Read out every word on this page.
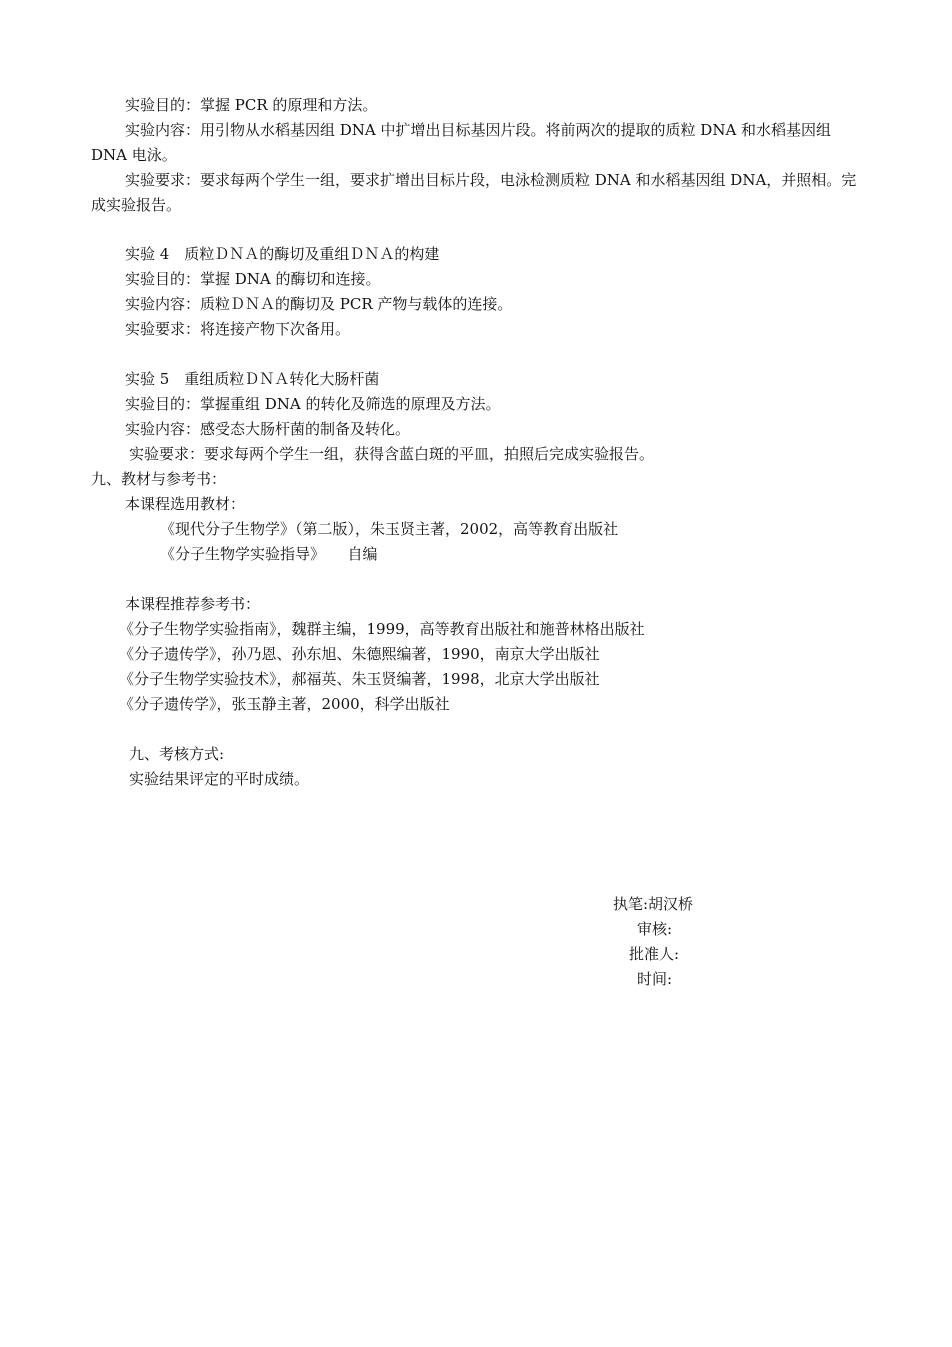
实验目的：掌握 PCR 的原理和方法。
实验内容：用引物从水稻基因组 DNA 中扩增出目标基因片段。将前两次的提取的质粒 DNA 和水稻基因组 DNA 电泳。
实验要求：要求每两个学生一组，要求扩增出目标片段，电泳检测质粒 DNA 和水稻基因组 DNA，并照相。完成实验报告。
实验 4　质粒ＤＮＡ的酶切及重组ＤＮＡ的构建
实验目的：掌握 DNA 的酶切和连接。
实验内容：质粒ＤＮＡ的酶切及 PCR 产物与载体的连接。
实验要求：将连接产物下次备用。
实验 5　重组质粒ＤＮＡ转化大肠杆菌
实验目的：掌握重组 DNA 的转化及筛选的原理及方法。
实验内容：感受态大肠杆菌的制备及转化。
实验要求：要求每两个学生一组，获得含蓝白斑的平皿，拍照后完成实验报告。
九、教材与参考书：
本课程选用教材：
《现代分子生物学》（第二版），朱玉贤主著，2002，高等教育出版社
《分子生物学实验指导》　　自编
本课程推荐参考书：
《分子生物学实验指南》，魏群主编，1999，高等教育出版社和施普林格出版社
《分子遗传学》，孙乃恩、孙东旭、朱德熙编著，1990，南京大学出版社
《分子生物学实验技术》，郝福英、朱玉贤编著，1998，北京大学出版社
《分子遗传学》，张玉静主著，2000，科学出版社
九、考核方式:
实验结果评定的平时成绩。
执笔:胡汉桥
审核:
批准人:
时间:
